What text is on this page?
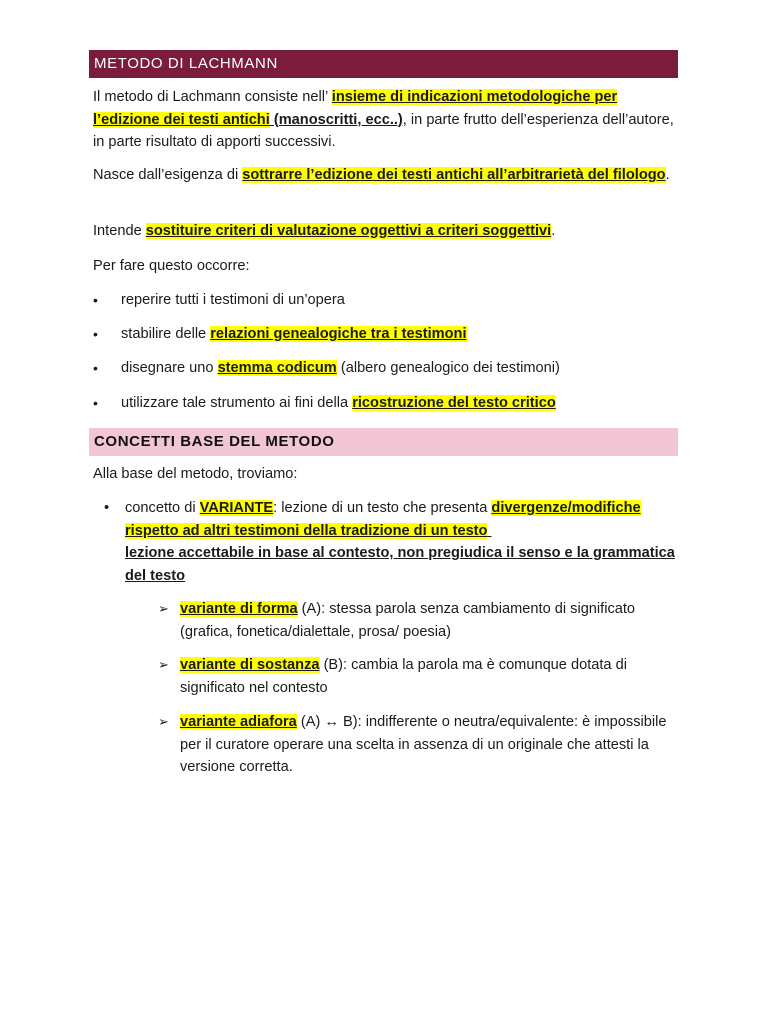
METODO DI LACHMANN

Il metodo di Lachmann consiste nell’ insieme di indicazioni metodologiche per l’edizione dei testi antichi (manoscritti, ecc..), in parte frutto dell’esperienza dell’autore, in parte risultato di apporti successivi.

Nasce dall’esigenza di sottrarre l’edizione dei testi antichi all’arbitrarietà del filologo.

Intende sostituire criteri di valutazione oggettivi a criteri soggettivi.

Per fare questo occorre:

• reperire tutti i testimoni di un’opera
• stabilire delle relazioni genealogiche tra i testimoni
• disegnare uno stemma codicum (albero genealogico dei testimoni)
• utilizzare tale strumento ai fini della ricostruzione del testo critico
CONCETTI BASE DEL METODO

Alla base del metodo, troviamo:

• concetto di VARIANTE: lezione di un testo che presenta divergenze/modifiche rispetto ad altri testimoni della tradizione di un testo
lezione accettabile in base al contesto, non pregiudica il senso e la grammatica del testo
➢ variante di forma (A): stessa parola senza cambiamento di significato (grafica, fonetica/dialettale, prosa/ poesia)
➢ variante di sostanza (B): cambia la parola ma è comunque dotata di significato nel contesto
➢ variante adiafora (A) ↔ B): indifferente o neutra/equivalente: è impossibile per il curatore operare una scelta in assenza di un originale che attesti la versione corretta.
